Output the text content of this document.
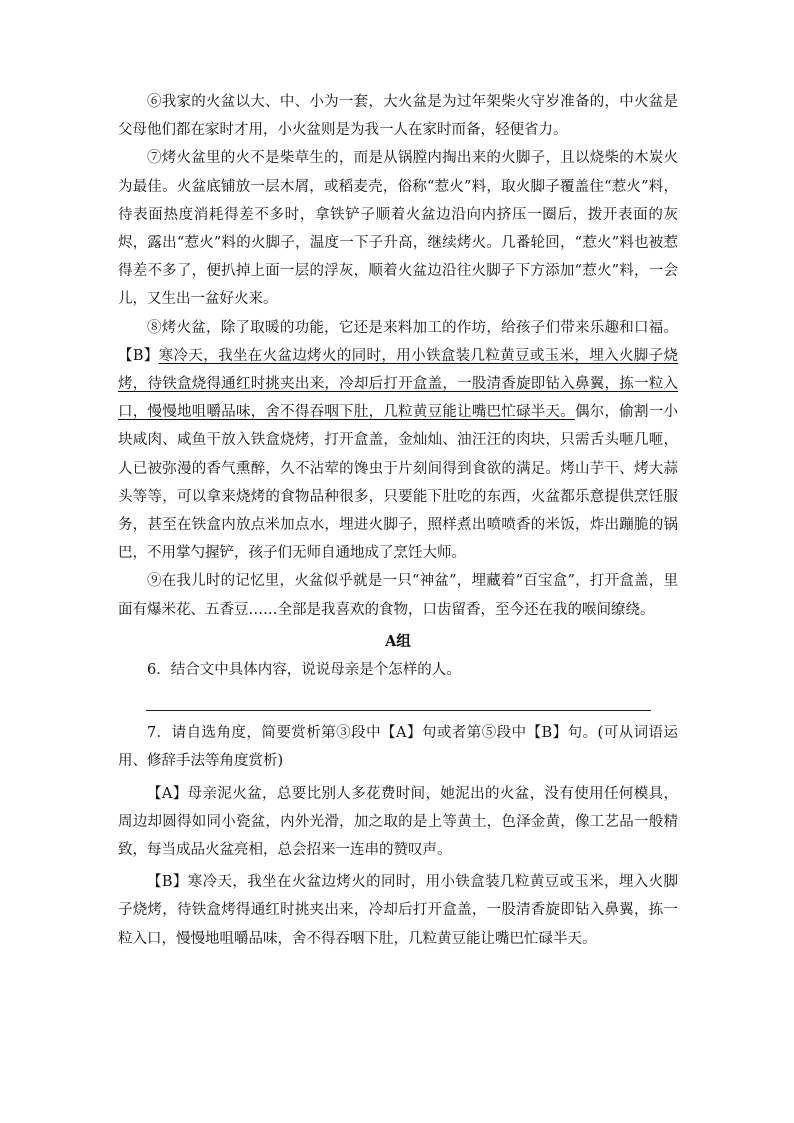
⑥我家的火盆以大、中、小为一套，大火盆是为过年架柴火守岁准备的，中火盆是父母他们都在家时才用，小火盆则是为我一人在家时而备，轻便省力。

⑦烤火盆里的火不是柴草生的，而是从锅膛内掏出来的火脚子，且以烧柴的木炭火为最佳。火盆底铺放一层木屑，或稻麦壳，俗称“惹火”料，取火脚子覆盖住“惹火”料，待表面热度消耗得差不多时，拿铁铲子顺着火盆边沿向内挤压一圈后，拨开表面的灰烬，露出“惹火”料的火脚子，温度一下子升高，继续烤火。几番轮回，“惹火”料也被惹得差不多了，便扒掉上面一层的浮灰，顺着火盆边沿往火脚子下方添加“惹火”料，一会儿，又生出一盆好火来。

⑧烤火盆，除了取暖的功能，它还是来料加工的作坊，给孩子们带来乐趣和口福。【B】寒冷天，我坐在火盆边烤火的同时，用小铁盒装几粒黄豆或玉米，埋入火脚子烧烤，待铁盒烧得通红时挑夹出来，冷却后打开盒盖，一股清香旋即钻入鼻翼，拣一粒入口，慢慢地咀嚼品味，舍不得吞咽下肚，几粒黄豆能让嘴巴忙碌半天。偶尔，偷割一小块咸肉、咸鱼干放入铁盒烧烤，打开盒盖，金灿灿、油汪汪的肉块，只需舌头咂几咂，人已被弥漫的香气熏醉，久不沾荤的馋虫于片刻间得到食欲的满足。烤山芋干、烤大蒜头等等，可以拿来烧烤的食物品种很多，只要能下肚吃的东西，火盆都乐意提供烹饪服务，甚至在铁盒内放点米加点水，埋进火脚子，照样煮出喷喷香的米饭，炸出蹦脆的锅巴，不用掌勺握铲，孩子们无师自通地成了烹饪大师。

⑨在我儿时的记忆里，火盆似乎就是一只“神盆”，埋藏着“百宝盒”，打开盒盖，里面有爆米花、五香豆……全部是我喜欢的食物，口齿留香，至今还在我的喉间缭绕。

A组

6．结合文中具体内容，说说母亲是个怎样的人。

7．请自选角度，简要赏析第③段中【A】句或者第⑤段中【B】句。(可从词语运用、修辞手法等角度赏析)

【A】母亲泥火盆，总要比别人多花费时间，她泥出的火盆，没有使用任何模具，周边却圆得如同小瓷盆，内外光滑，加之取的是上等黄土，色泽金黄，像工艺品一般精致，每当成品火盆亮相，总会招来一连串的赞叹声。

【B】寒冷天，我坐在火盆边烤火的同时，用小铁盒装几粒黄豆或玉米，埋入火脚子烧烤，待铁盒烤得通红时挑夹出来，冷却后打开盒盖，一股清香旋即钻入鼻翼，拣一粒入口，慢慢地咀嚼品味，舍不得吞咽下肚，几粒黄豆能让嘴巴忙碌半天。
